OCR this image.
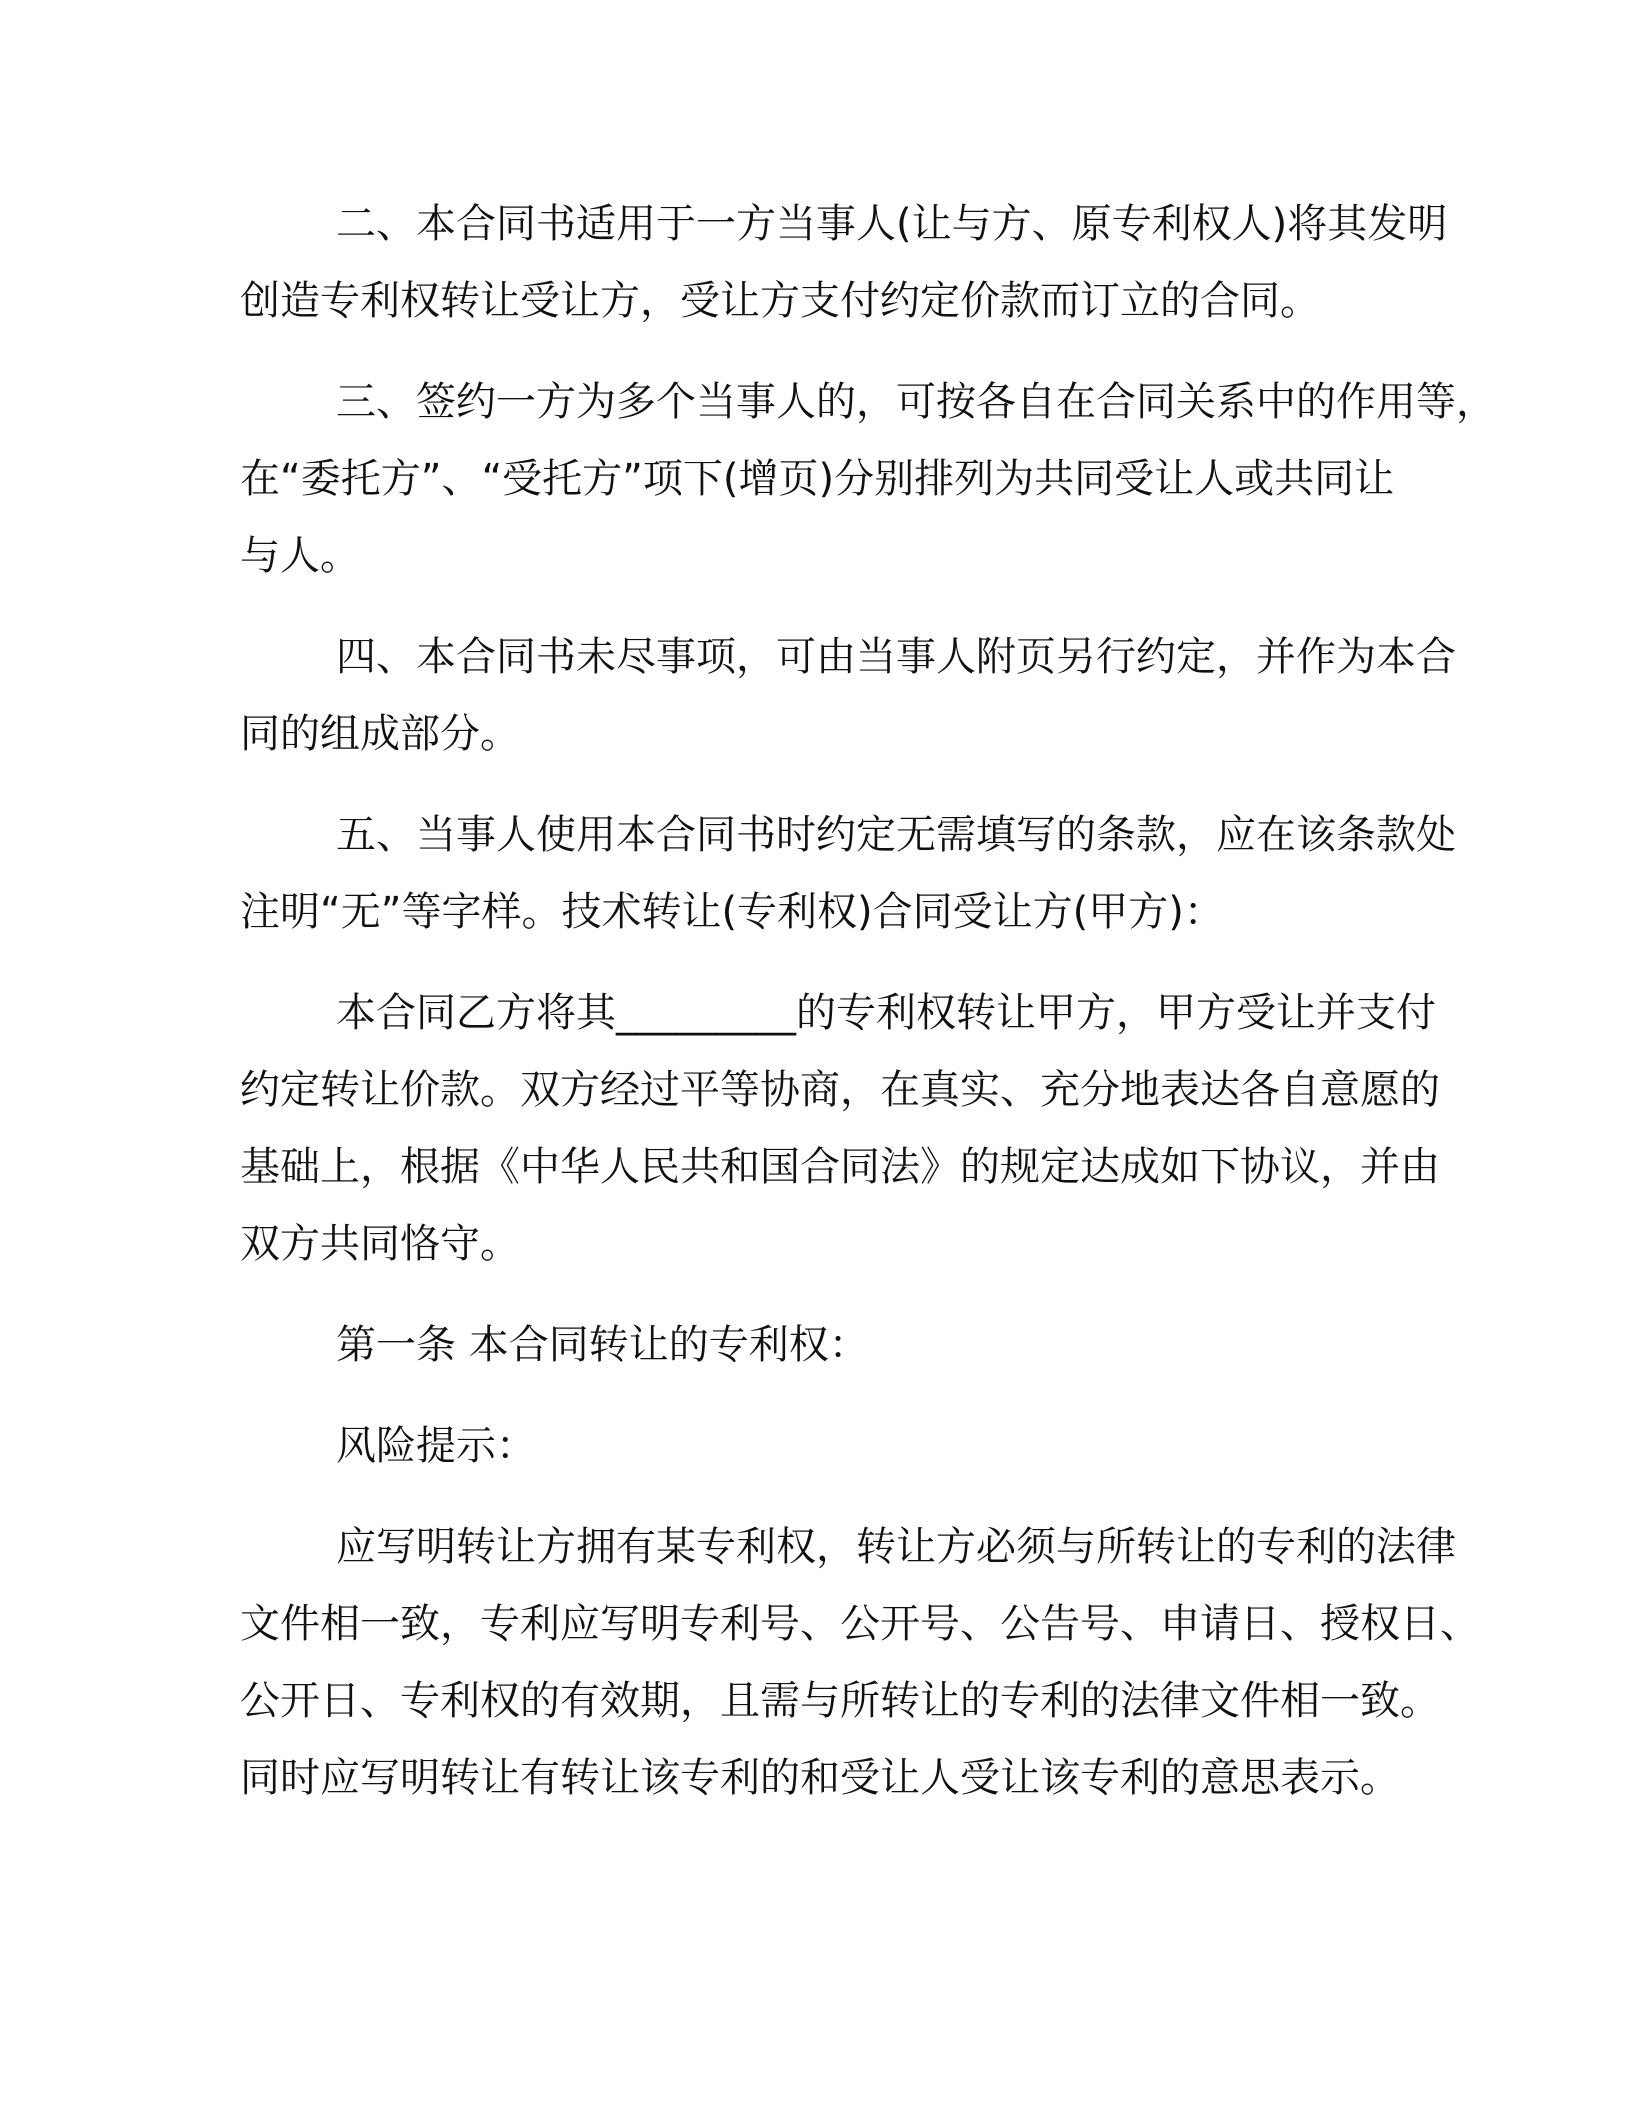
二、本合同书适用于一方当事人(让与方、原专利权人)将其发明
创造专利权转让受让方，受让方支付约定价款而订立的合同。

三、签约一方为多个当事人的，可按各自在合同关系中的作用等，
在“委托方”、“受托方”项下(增页)分别排列为共同受让人或共同让
与人。

四、本合同书未尽事项，可由当事人附页另行约定，并作为本合
同的组成部分。

五、当事人使用本合同书时约定无需填写的条款，应在该条款处
注明“无”等字样。技术转让(专利权)合同受让方(甲方)：

本合同乙方将其_________的专利权转让甲方，甲方受让并支付
约定转让价款。双方经过平等协商，在真实、充分地表达各自意愿的
基础上，根据《中华人民共和国合同法》的规定达成如下协议，并由
双方共同恪守。

第一条 本合同转让的专利权：

风险提示：

应写明转让方拥有某专利权，转让方必须与所转让的专利的法律
文件相一致，专利应写明专利号、公开号、公告号、申请日、授权日、
公开日、专利权的有效期，且需与所转让的专利的法律文件相一致。
同时应写明转让有转让该专利的和受让人受让该专利的意思表示。
